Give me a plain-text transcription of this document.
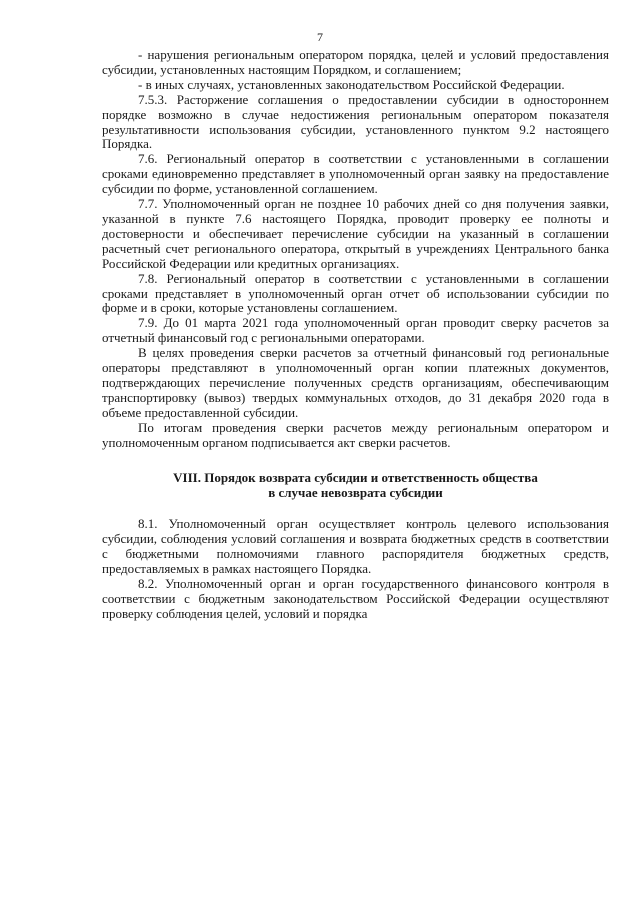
7

- нарушения региональным оператором порядка, целей и условий предоставления субсидии, установленных настоящим Порядком, и соглашением;

- в иных случаях, установленных законодательством Российской Федерации.

7.5.3. Расторжение соглашения о предоставлении субсидии в одностороннем порядке возможно в случае недостижения региональным оператором показателя результативности использования субсидии, установленного пунктом 9.2 настоящего Порядка.

7.6. Региональный оператор в соответствии с установленными в соглашении сроками единовременно представляет в уполномоченный орган заявку на предоставление субсидии по форме, установленной соглашением.

7.7. Уполномоченный орган не позднее 10 рабочих дней со дня получения заявки, указанной в пункте 7.6 настоящего Порядка, проводит проверку ее полноты и достоверности и обеспечивает перечисление субсидии на указанный в соглашении расчетный счет регионального оператора, открытый в учреждениях Центрального банка Российской Федерации или кредитных организациях.

7.8. Региональный оператор в соответствии с установленными в соглашении сроками представляет в уполномоченный орган отчет об использовании субсидии по форме и в сроки, которые установлены соглашением.

7.9. До 01 марта 2021 года уполномоченный орган проводит сверку расчетов за отчетный финансовый год с региональными операторами.

В целях проведения сверки расчетов за отчетный финансовый год региональные операторы представляют в уполномоченный орган копии платежных документов, подтверждающих перечисление полученных средств организациям, обеспечивающим транспортировку (вывоз) твердых коммунальных отходов, до 31 декабря 2020 года в объеме предоставленной субсидии.

По итогам проведения сверки расчетов между региональным оператором и уполномоченным органом подписывается акт сверки расчетов.

VIII. Порядок возврата субсидии и ответственность общества
в случае невозврата субсидии

8.1. Уполномоченный орган осуществляет контроль целевого использования субсидии, соблюдения условий соглашения и возврата бюджетных средств в соответствии с бюджетными полномочиями главного распорядителя бюджетных средств, предоставляемых в рамках настоящего Порядка.

8.2. Уполномоченный орган и орган государственного финансового контроля в соответствии с бюджетным законодательством Российской Федерации осуществляют проверку соблюдения целей, условий и порядка
